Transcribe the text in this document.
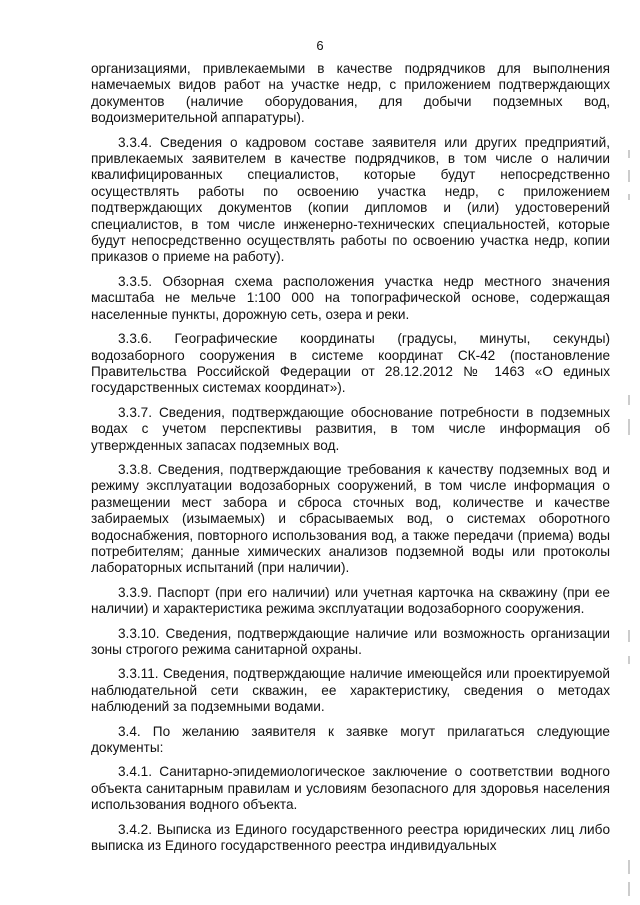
6

организациями, привлекаемыми в качестве подрядчиков для выполнения намечаемых видов работ на участке недр, с приложением подтверждающих документов (наличие оборудования, для добычи подземных вод, водоизмерительной аппаратуры).

3.3.4. Сведения о кадровом составе заявителя или других предприятий, привлекаемых заявителем в качестве подрядчиков, в том числе о наличии квалифицированных специалистов, которые будут непосредственно осуществлять работы по освоению участка недр, с приложением подтверждающих документов (копии дипломов и (или) удостоверений специалистов, в том числе инженерно-технических специальностей, которые будут непосредственно осуществлять работы по освоению участка недр, копии приказов о приеме на работу).

3.3.5. Обзорная схема расположения участка недр местного значения масштаба не мельче 1:100 000 на топографической основе, содержащая населенные пункты, дорожную сеть, озера и реки.

3.3.6. Географические координаты (градусы, минуты, секунды) водозаборного сооружения в системе координат СК-42 (постановление Правительства Российской Федерации от 28.12.2012 № 1463 «О единых государственных системах координат»).

3.3.7. Сведения, подтверждающие обоснование потребности в подземных водах с учетом перспективы развития, в том числе информация об утвержденных запасах подземных вод.

3.3.8. Сведения, подтверждающие требования к качеству подземных вод и режиму эксплуатации водозаборных сооружений, в том числе информация о размещении мест забора и сброса сточных вод, количестве и качестве забираемых (изымаемых) и сбрасываемых вод, о системах оборотного водоснабжения, повторного использования вод, а также передачи (приема) воды потребителям; данные химических анализов подземной воды или протоколы лабораторных испытаний (при наличии).

3.3.9. Паспорт (при его наличии) или учетная карточка на скважину (при ее наличии) и характеристика режима эксплуатации водозаборного сооружения.

3.3.10. Сведения, подтверждающие наличие или возможность организации зоны строгого режима санитарной охраны.

3.3.11. Сведения, подтверждающие наличие имеющейся или проектируемой наблюдательной сети скважин, ее характеристику, сведения о методах наблюдений за подземными водами.

3.4. По желанию заявителя к заявке могут прилагаться следующие документы:

3.4.1. Санитарно-эпидемиологическое заключение о соответствии водного объекта санитарным правилам и условиям безопасного для здоровья населения использования водного объекта.

3.4.2. Выписка из Единого государственного реестра юридических лиц либо выписка из Единого государственного реестра индивидуальных
